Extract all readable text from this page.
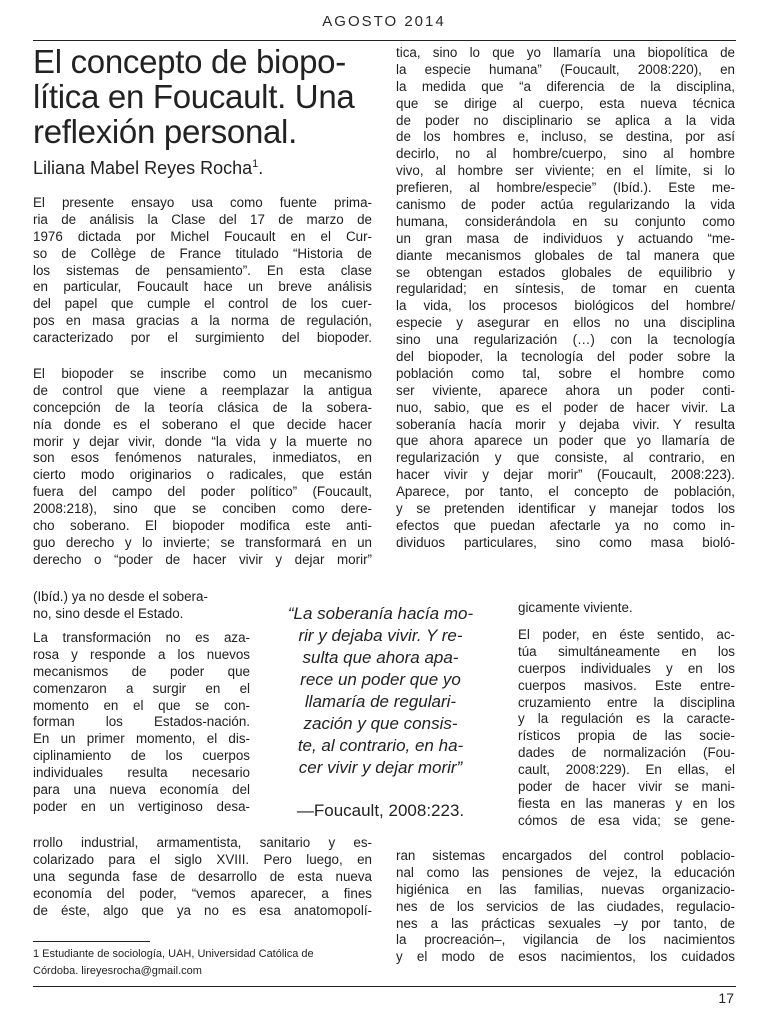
AGOSTO 2014
El concepto de biopo-
lítica en Foucault. Una
reflexión personal.
Liliana Mabel Reyes Rocha$^1$.
El presente ensayo usa como fuente prima-
ria de análisis la Clase del 17 de marzo de
1976 dictada por Michel Foucault en el Cur-
so de Collège de France titulado “Historia de
los sistemas de pensamiento”. En esta clase
en particular, Foucault hace un breve análisis
del papel que cumple el control de los cuer-
pos en masa gracias a la norma de regulación,
caracterizado por el surgimiento del biopoder.
El biopoder se inscribe como un mecanismo
de control que viene a reemplazar la antigua
concepción de la teoría clásica de la sobera-
nía donde es el soberano el que decide hacer
morir y dejar vivir, donde “la vida y la muerte no
son esos fenómenos naturales, inmediatos, en
cierto modo originarios o radicales, que están
fuera del campo del poder político” (Foucault,
2008:218), sino que se conciben como dere-
cho soberano. El biopoder modifica este anti-
guo derecho y lo invierte; se transformará en un
derecho o “poder de hacer vivir y dejar morir”
(Ibíd.) ya no desde el sobera-
no, sino desde el Estado.
La transformación no es aza-
rosa y responde a los nuevos
mecanismos de poder que
comenzaron a surgir en el
momento en el que se con-
forman los Estados-nación.
En un primer momento, el dis-
ciplinamiento de los cuerpos
individuales resulta necesario
para una nueva economía del
poder en un vertiginoso desa-
rrollo industrial, armamentista, sanitario y es-
colarizado para el siglo XVIII. Pero luego, en
una segunda fase de desarrollo de esta nueva
economía del poder, “vemos aparecer, a fines
de éste, algo que ya no es esa anatomopolí-
“La soberanía hacía mo-
rir y dejaba vivir. Y re-
sulta que ahora apa-
rece un poder que yo
llamaría de regulari-
zación y que consis-
te, al contrario, en ha-
cer vivir y dejar morir”
—Foucault, 2008:223.
tica, sino lo que yo llamaría una biopolítica de
la especie humana” (Foucault, 2008:220), en
la medida que “a diferencia de la disciplina,
que se dirige al cuerpo, esta nueva técnica
de poder no disciplinario se aplica a la vida
de los hombres e, incluso, se destina, por así
decirlo, no al hombre/cuerpo, sino al hombre
vivo, al hombre ser viviente; en el límite, si lo
prefieren, al hombre/especie” (Ibíd.). Este me-
canismo de poder actúa regularizando la vida
humana, considerándola en su conjunto como
un gran masa de individuos y actuando “me-
diante mecanismos globales de tal manera que
se obtengan estados globales de equilibrio y
regularidad; en síntesis, de tomar en cuenta
la vida, los procesos biológicos del hombre/
especie y asegurar en ellos no una disciplina
sino una regularización (…) con la tecnología
del biopoder, la tecnología del poder sobre la
población como tal, sobre el hombre como
ser viviente, aparece ahora un poder conti-
nuo, sabio, que es el poder de hacer vivir. La
soberanía hacía morir y dejaba vivir. Y resulta
que ahora aparece un poder que yo llamaría de
regularización y que consiste, al contrario, en
hacer vivir y dejar morir” (Foucault, 2008:223).
Aparece, por tanto, el concepto de población,
y se pretenden identificar y manejar todos los
efectos que puedan afectarle ya no como in-
dividuos particulares, sino como masa bioló-
gicamente viviente.
El poder, en éste sentido, ac-
túa simultáneamente en los
cuerpos individuales y en los
cuerpos masivos. Este entre-
cruzamiento entre la disciplina
y la regulación es la caracte-
rísticos propia de las socie-
dades de normalización (Fou-
cault, 2008:229). En ellas, el
poder de hacer vivir se mani-
fiesta en las maneras y en los
cómos de esa vida; se gene-
ran sistemas encargados del control poblacio-
nal como las pensiones de vejez, la educación
higiénica en las familias, nuevas organizacio-
nes de los servicios de las ciudades, regulacio-
nes a las prácticas sexuales –y por tanto, de
la procreación–, vigilancia de los nacimientos
y el modo de esos nacimientos, los cuidados
1 Estudiante de sociología, UAH, Universidad Católica de
Córdoba. lireyesrocha@gmail.com
17
